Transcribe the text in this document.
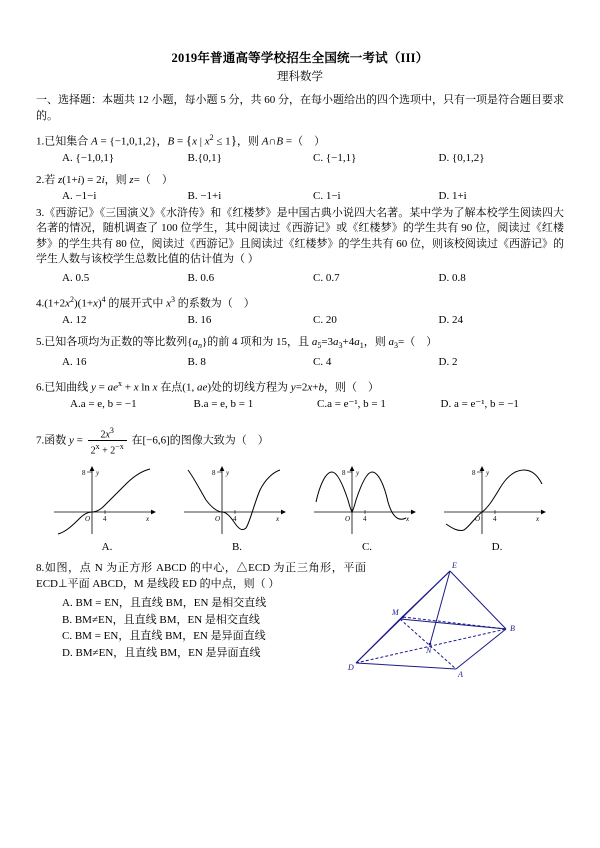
2019年普通高等学校招生全国统一考试（III）
理科数学
一、选择题：本题共 12 小题，每小题 5 分，共 60 分，在每小题给出的四个选项中，只有一项是符合题目要求的。
1.已知集合 A = {−1,0,1,2}，B = {x | $x^2 \le 1$}，则 A∩B =（    ）
A. {−1,0,1}	B.{0,1}	C. {−1,1}	D. {0,1,2}
2.若 z(1+i) = 2i，则 z=（    ）
A. −1−i	B. −1+i	C. 1−i	D. 1+i
3.《西游记》《三国演义》《水浒传》和《红楼梦》是中国古典小说四大名著。某中学为了解本校学生阅读四大名著的情况，随机调查了 100 位学生，其中阅读过《西游记》或《红楼梦》的学生共有 90 位，阅读过《红楼梦》的学生共有 80 位，阅读过《西游记》且阅读过《红楼梦》的学生共有 60 位，则该校阅读过《西游记》的学生人数与该校学生总数比值的估计值为（ ）
A. 0.5	B. 0.6	C. 0.7	D. 0.8
$4.(1+2x^2)(1+x)^4$ 的展开式中 $x^3$ 的系数为（    ）
A. 12	B. 16	C. 20	D. 24
5.已知各项均为正数的等比数列$\{a_n\}$的前 4 项和为 15，且 $a_5=3a_3+4a_1$，则 $a_3=$（    ）
A. 16	B. 8	C. 4	D. 2
6.已知曲线 $y = ae^x + x$ ln x 在点(1, ae)处的切线方程为 y=2x+b，则（    ）
A.a = e, b = −1	B.a = e, b = 1	C.a = e⁻¹, b = 1	D. a = e⁻¹, b = −1
7.函数 $y = \frac{2x^3}{2^x + 2^{-x}}$ 在[−6,6]的图像大致为（    ）
8 y
O 4	x
A.
8 y
O 4	x
B.
8 y
O 4	x
C.
8 y
O 4	x
D.
8.如图，点 N 为正方形 ABCD 的中心，△ECD 为正三角形，平面 ECD⊥平面 ABCD，M 是线段 ED 的中点，则（ ）
A. BM = EN，且直线 BM，EN 是相交直线
B. BM≠EN，且直线 BM，EN 是相交直线
C. BM = EN，且直线 BM，EN 是异面直线
D. BM≠EN，且直线 BM，EN 是异面直线
E
M
B
N
D
A
